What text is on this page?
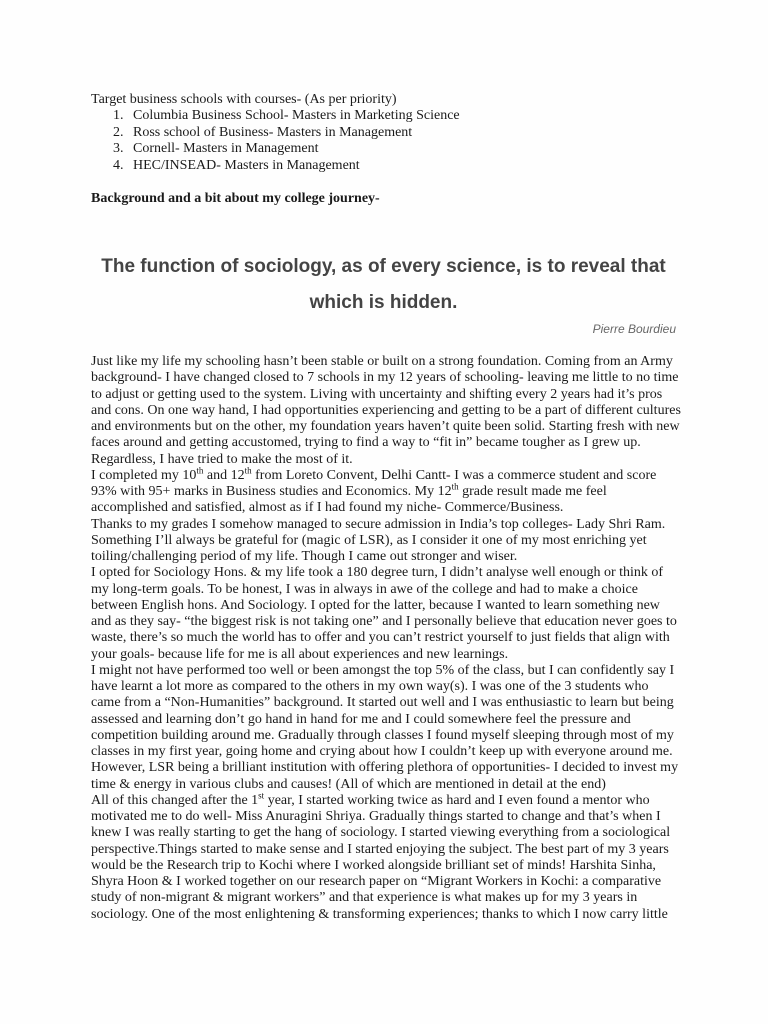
Target business schools with courses- (As per priority)
1. Columbia Business School- Masters in Marketing Science
2. Ross school of Business- Masters in Management
3. Cornell- Masters in Management
4. HEC/INSEAD- Masters in Management
Background and a bit about my college journey-
The function of sociology, as of every science, is to reveal that which is hidden.
Pierre Bourdieu

Just like my life my schooling hasn’t been stable or built on a strong foundation. Coming from an Army background- I have changed closed to 7 schools in my 12 years of schooling- leaving me little to no time to adjust or getting used to the system. Living with uncertainty and shifting every 2 years had it’s pros and cons. On one way hand, I had opportunities experiencing and getting to be a part of different cultures and environments but on the other, my foundation years haven’t quite been solid. Starting fresh with new faces around and getting accustomed, trying to find a way to “fit in” became tougher as I grew up. Regardless, I have tried to make the most of it.

I completed my 10th and 12th from Loreto Convent, Delhi Cantt- I was a commerce student and score 93% with 95+ marks in Business studies and Economics. My 12th grade result made me feel accomplished and satisfied, almost as if I had found my niche- Commerce/Business.

Thanks to my grades I somehow managed to secure admission in India’s top colleges- Lady Shri Ram. Something I’ll always be grateful for (magic of LSR), as I consider it one of my most enriching yet toiling/challenging period of my life. Though I came out stronger and wiser.

I opted for Sociology Hons. & my life took a 180 degree turn, I didn’t analyse well enough or think of my long-term goals. To be honest, I was in always in awe of the college and had to make a choice between English hons. And Sociology. I opted for the latter, because I wanted to learn something new and as they say- “the biggest risk is not taking one” and I personally believe that education never goes to waste, there’s so much the world has to offer and you can’t restrict yourself to just fields that align with your goals- because life for me is all about experiences and new learnings.

I might not have performed too well or been amongst the top 5% of the class, but I can confidently say I have learnt a lot more as compared to the others in my own way(s). I was one of the 3 students who came from a “Non-Humanities” background. It started out well and I was enthusiastic to learn but being assessed and learning don’t go hand in hand for me and I could somewhere feel the pressure and competition building around me. Gradually through classes I found myself sleeping through most of my classes in my first year, going home and crying about how I couldn’t keep up with everyone around me. However, LSR being a brilliant institution with offering plethora of opportunities- I decided to invest my time & energy in various clubs and causes! (All of which are mentioned in detail at the end)

All of this changed after the 1st year, I started working twice as hard and I even found a mentor who motivated me to do well- Miss Anuragini Shriya. Gradually things started to change and that’s when I knew I was really starting to get the hang of sociology. I started viewing everything from a sociological perspective.Things started to make sense and I started enjoying the subject. The best part of my 3 years would be the Research trip to Kochi where I worked alongside brilliant set of minds! Harshita Sinha, Shyra Hoon & I worked together on our research paper on “Migrant Workers in Kochi: a comparative study of non-migrant & migrant workers” and that experience is what makes up for my 3 years in sociology. One of the most enlightening & transforming experiences; thanks to which I now carry little
